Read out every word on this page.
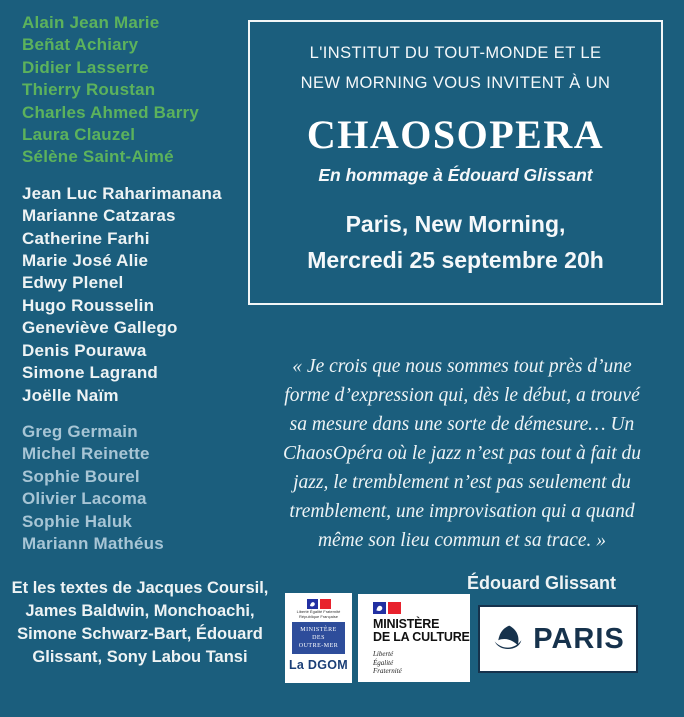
Alain Jean Marie
Beñat Achiary
Didier Lasserre
Thierry Roustan
Charles Ahmed Barry
Laura Clauzel
Sélène Saint-Aimé
Jean Luc Raharimanana
Marianne Catzaras
Catherine Farhi
Marie José Alie
Edwy Plenel
Hugo Rousselin
Geneviève Gallego
Denis Pourawa
Simone Lagrand
Joëlle Naïm
Greg Germain
Michel Reinette
Sophie Bourel
Olivier Lacoma
Sophie Haluk
Mariann Mathéus
Et les textes de Jacques Coursil,
James Baldwin, Monchoachi,
Simone Schwarz-Bart, Édouard
Glissant, Sony Labou Tansi
L'INSTITUT DU TOUT-MONDE ET LE
NEW MORNING VOUS INVITENT À UN
CHAOSOPERA
En hommage à Édouard Glissant
Paris, New Morning,
Mercredi 25 septembre 20h
« Je crois que nous sommes tout près d’une
forme d’expression qui, dès le début, a trouvé
sa mesure dans une sorte de démesure… Un
ChaosOpéra où le jazz n’est pas tout à fait du
jazz, le tremblement n’est pas seulement du
tremblement, une improvisation qui a quand
même son lieu commun et sa trace. »
Édouard Glissant
Liberté Égalité Fraternité
République Française
MINISTÈRE
DES
OUTRE-MER
La DGOM
MINISTÈRE
DE LA CULTURE
Liberté
Égalité
Fraternité
PARIS
